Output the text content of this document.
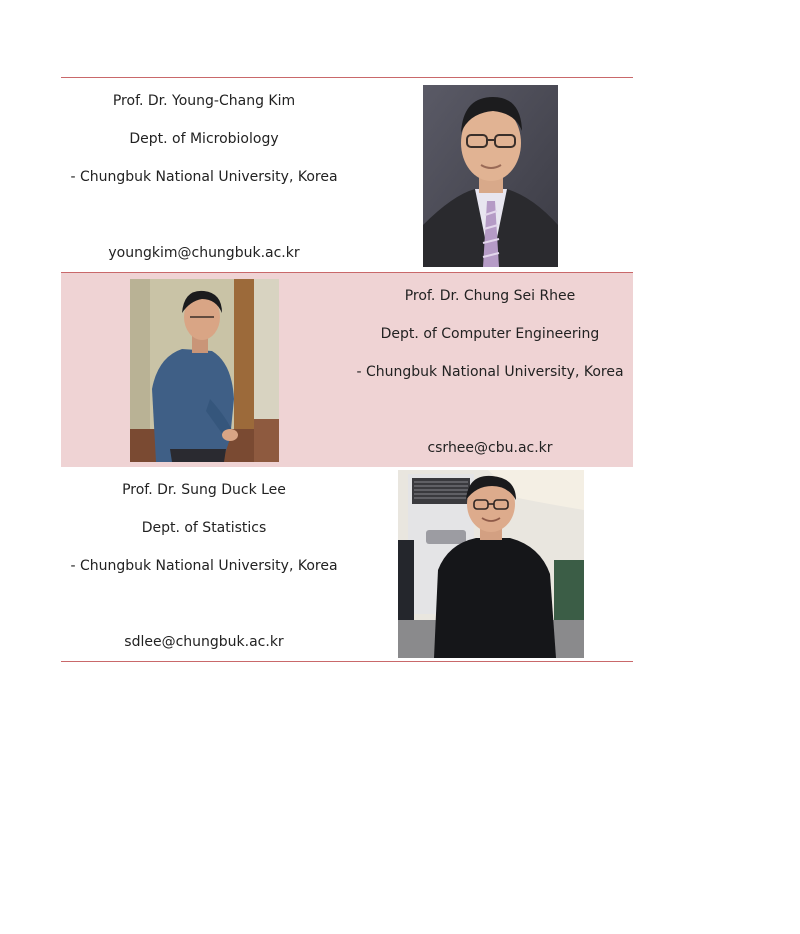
Prof. Dr. Young-Chang Kim
Dept. of Microbiology
- Chungbuk National University, Korea
youngkim@chungbuk.ac.kr
Prof. Dr. Chung Sei Rhee
Dept. of Computer Engineering
- Chungbuk National University, Korea
csrhee@cbu.ac.kr
Prof. Dr. Sung Duck Lee
Dept. of Statistics
- Chungbuk National University, Korea
sdlee@chungbuk.ac.kr
